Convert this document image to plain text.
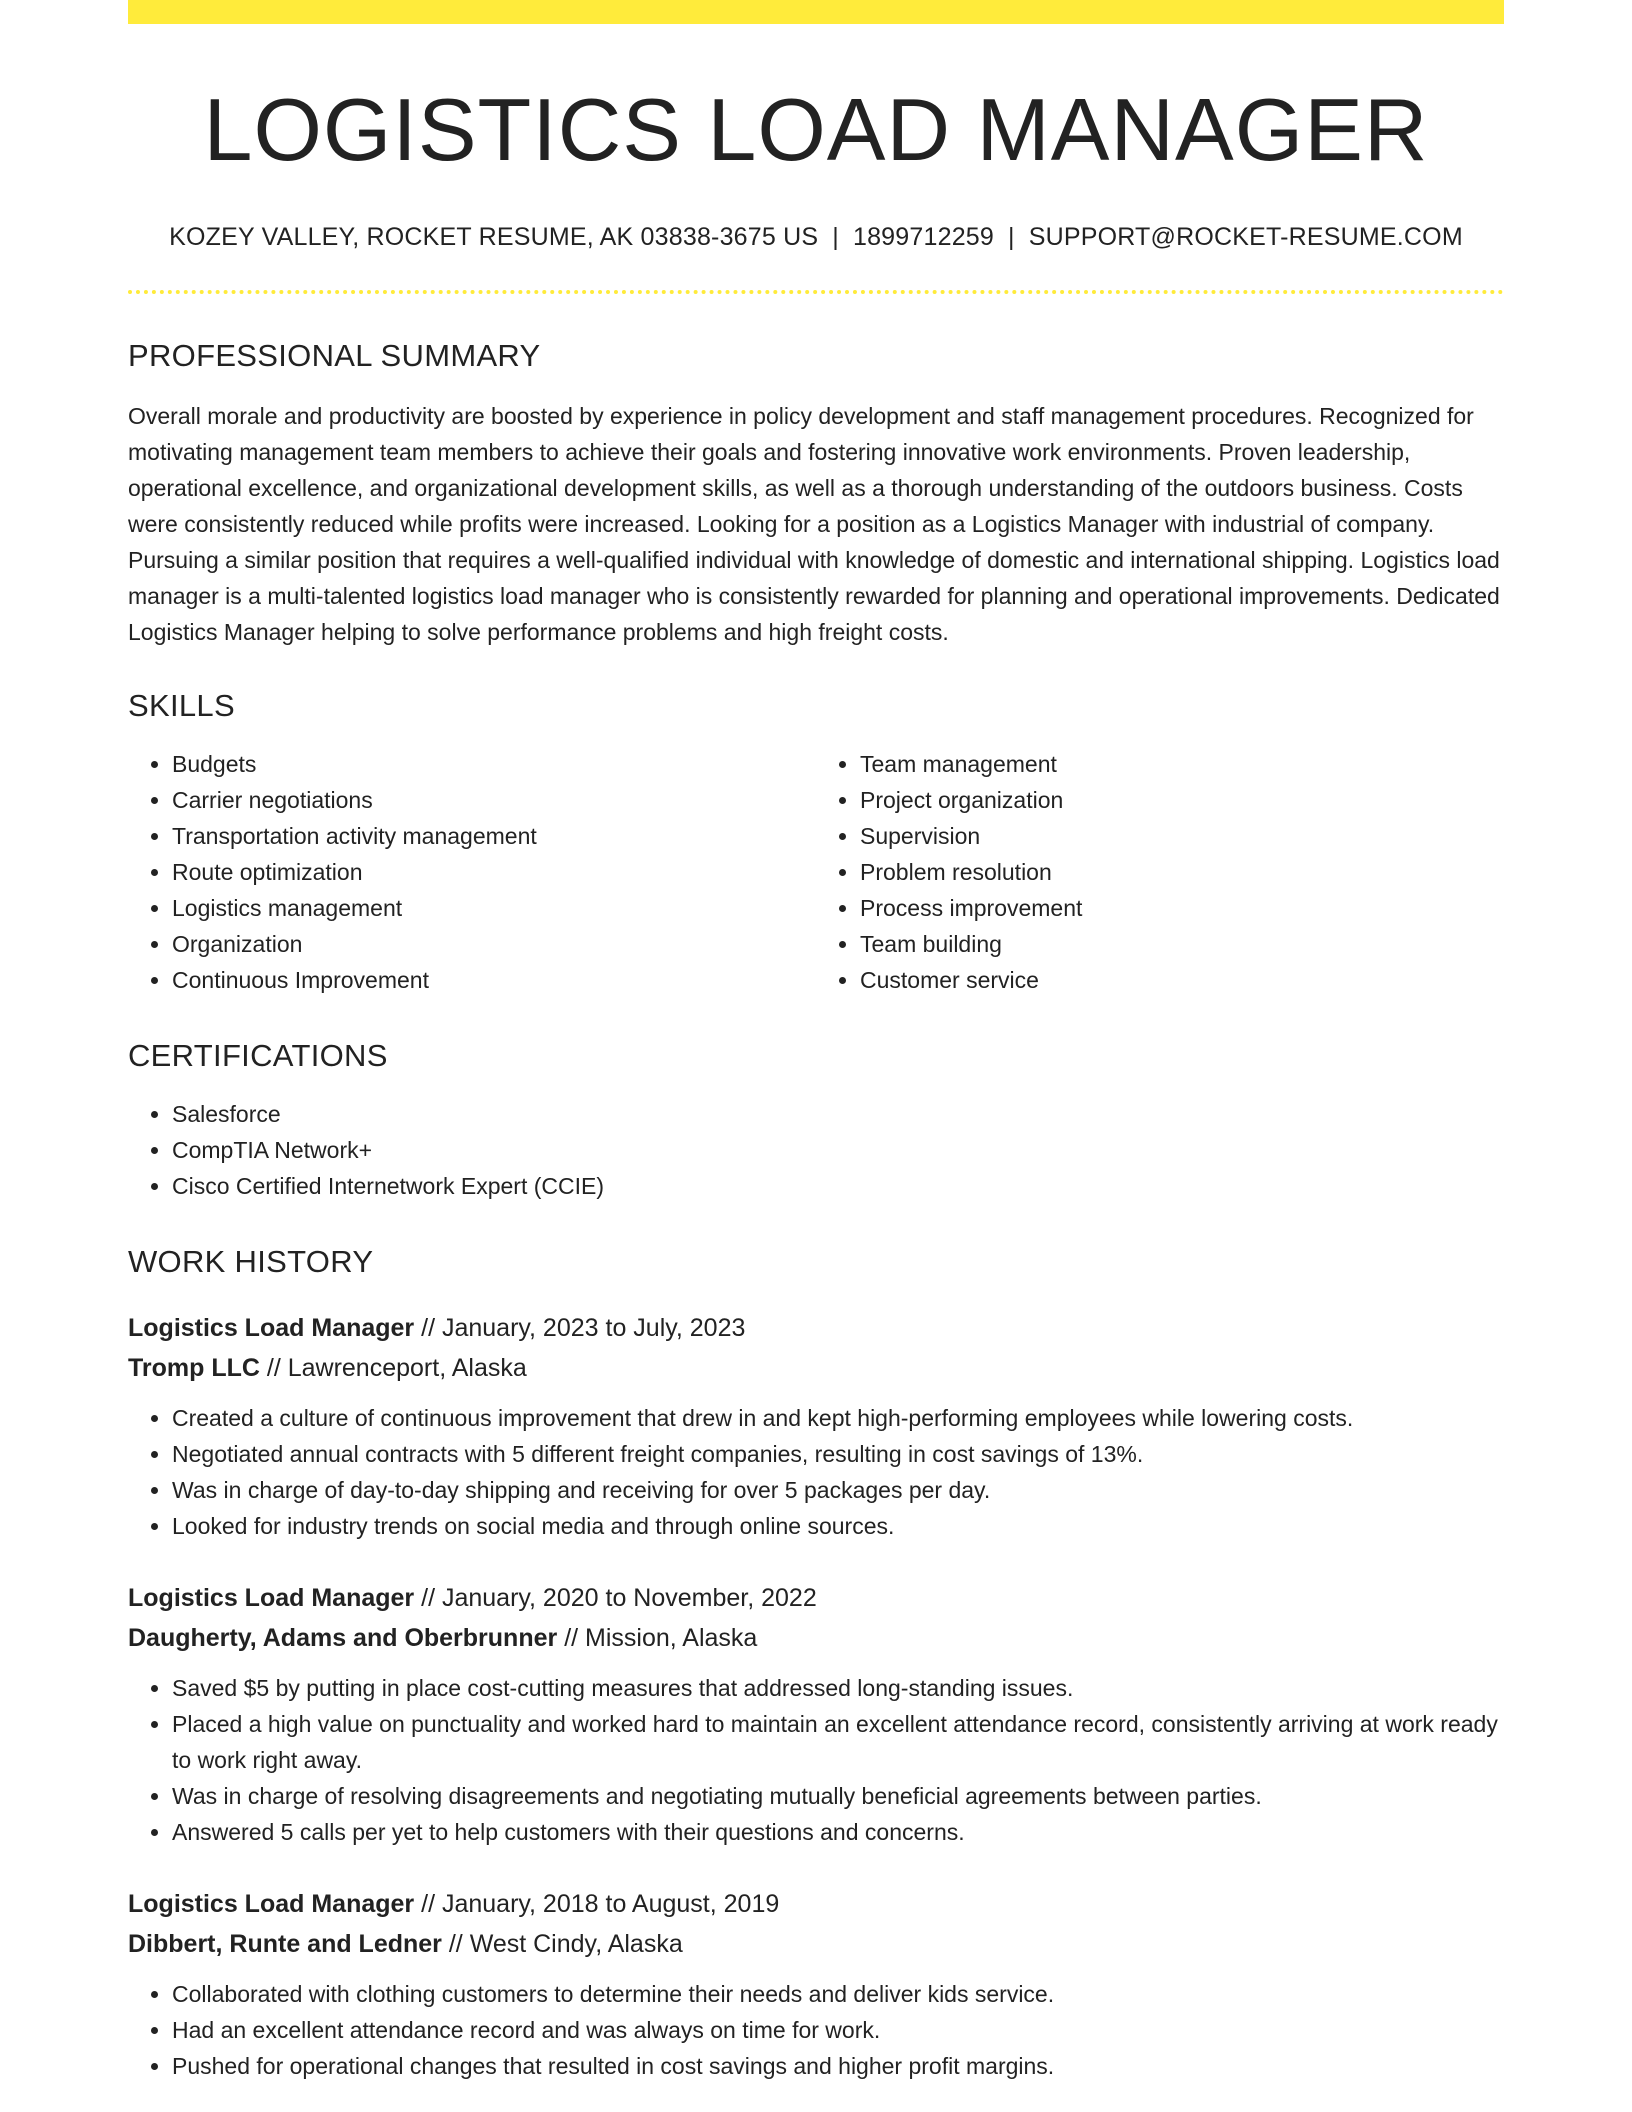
LOGISTICS LOAD MANAGER
KOZEY VALLEY, ROCKET RESUME, AK 03838-3675 US | 1899712259 | SUPPORT@ROCKET-RESUME.COM
PROFESSIONAL SUMMARY

Overall morale and productivity are boosted by experience in policy development and staff management procedures. Recognized for motivating management team members to achieve their goals and fostering innovative work environments. Proven leadership, operational excellence, and organizational development skills, as well as a thorough understanding of the outdoors business. Costs were consistently reduced while profits were increased. Looking for a position as a Logistics Manager with industrial of company. Pursuing a similar position that requires a well-qualified individual with knowledge of domestic and international shipping. Logistics load manager is a multi-talented logistics load manager who is consistently rewarded for planning and operational improvements. Dedicated Logistics Manager helping to solve performance problems and high freight costs.

SKILLS
• Budgets
• Carrier negotiations
• Transportation activity management
• Route optimization
• Logistics management
• Organization
• Continuous Improvement
• Team management
• Project organization
• Supervision
• Problem resolution
• Process improvement
• Team building
• Customer service
CERTIFICATIONS
• Salesforce
• CompTIA Network+
• Cisco Certified Internetwork Expert (CCIE)
WORK HISTORY
Logistics Load Manager // January, 2023 to July, 2023
Tromp LLC // Lawrenceport, Alaska
• Created a culture of continuous improvement that drew in and kept high-performing employees while lowering costs.
• Negotiated annual contracts with 5 different freight companies, resulting in cost savings of 13%.
• Was in charge of day-to-day shipping and receiving for over 5 packages per day.
• Looked for industry trends on social media and through online sources.
Logistics Load Manager // January, 2020 to November, 2022
Daugherty, Adams and Oberbrunner // Mission, Alaska
• Saved $5 by putting in place cost-cutting measures that addressed long-standing issues.
• Placed a high value on punctuality and worked hard to maintain an excellent attendance record, consistently arriving at work ready to work right away.
• Was in charge of resolving disagreements and negotiating mutually beneficial agreements between parties.
• Answered 5 calls per yet to help customers with their questions and concerns.
Logistics Load Manager // January, 2018 to August, 2019
Dibbert, Runte and Ledner // West Cindy, Alaska
• Collaborated with clothing customers to determine their needs and deliver kids service.
• Had an excellent attendance record and was always on time for work.
• Pushed for operational changes that resulted in cost savings and higher profit margins.
